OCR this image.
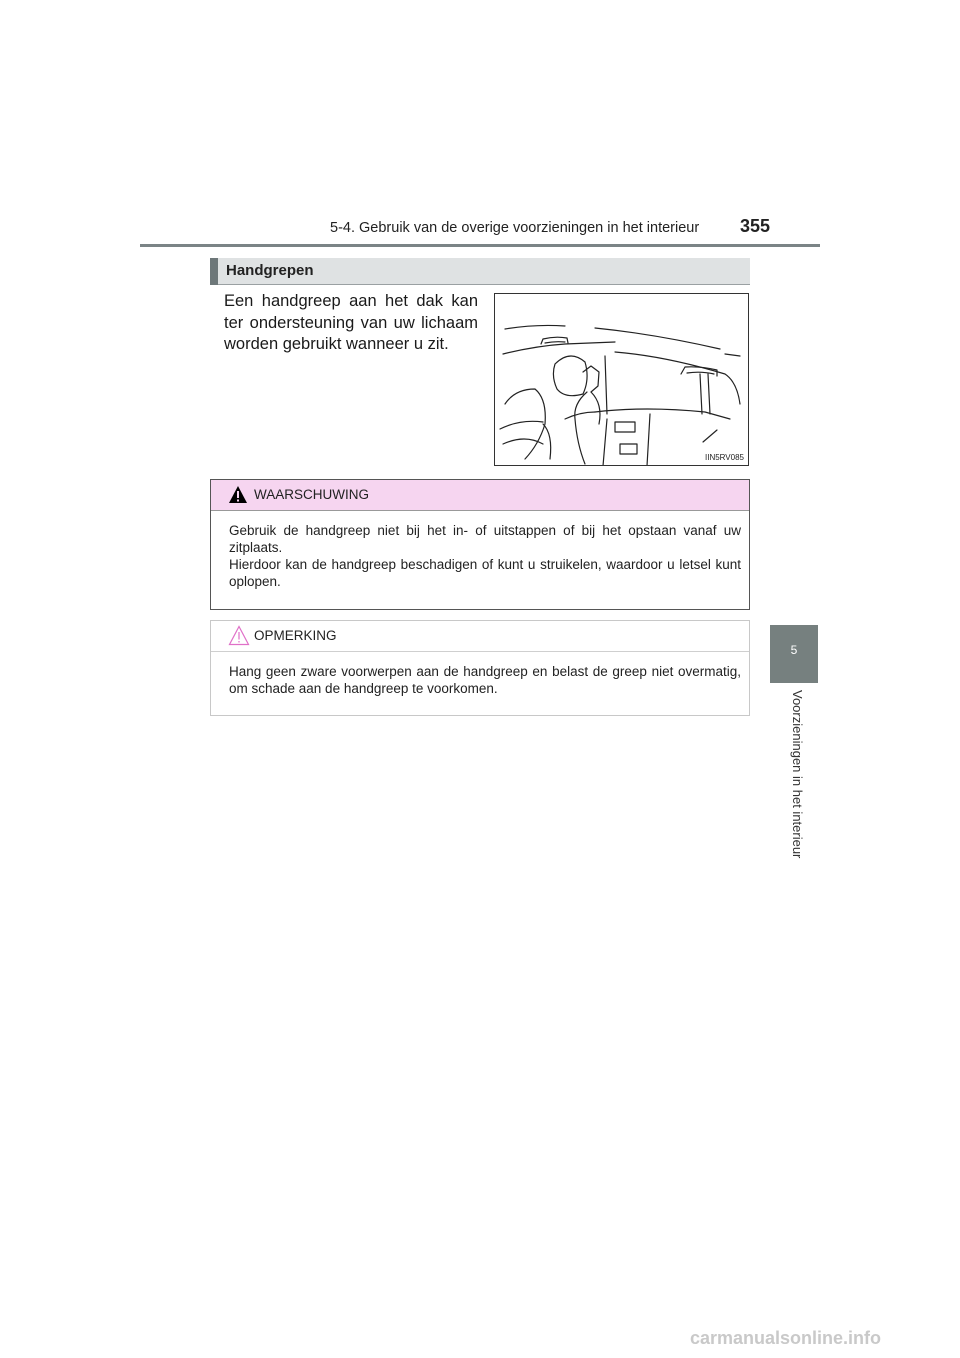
5-4. Gebruik van de overige voorzieningen in het interieur 355
5
Voorzieningen in het interieur
Handgrepen
Een handgreep aan het dak kan ter ondersteuning van uw lichaam worden gebruikt wanneer u zit.
IIN5RV085
WAARSCHUWING
Gebruik de handgreep niet bij het in- of uitstappen of bij het opstaan vanaf uw zitplaats.
Hierdoor kan de handgreep beschadigen of kunt u struikelen, waardoor u letsel kunt oplopen.
OPMERKING
Hang geen zware voorwerpen aan de handgreep en belast de greep niet overmatig, om schade aan de handgreep te voorkomen.
carmanualsonline.info
